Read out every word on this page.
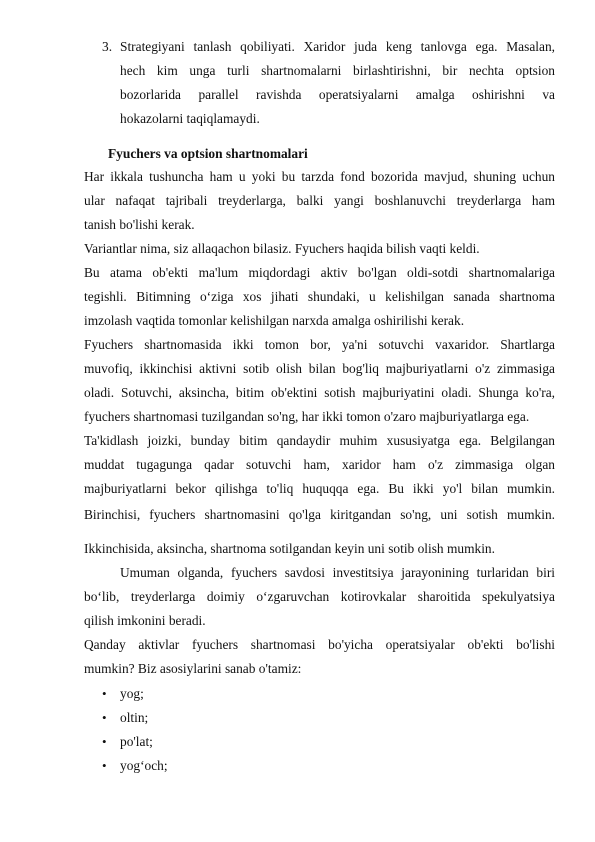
3. Strategiyani tanlash qobiliyati. Xaridor juda keng tanlovga ega. Masalan,
hech kim unga turli shartnomalarni birlashtirishni, bir nechta optsion
bozorlarida parallel ravishda operatsiyalarni amalga oshirishni va
hokazolarni taqiqlamaydi.
Fyuchers va optsion shartnomalari
Har ikkala tushuncha ham u yoki bu tarzda fond bozorida mavjud, shuning uchun
ular nafaqat tajribali treyderlarga, balki yangi boshlanuvchi treyderlarga ham
tanish bo'lishi kerak.
Variantlar nima, siz allaqachon bilasiz. Fyuchers haqida bilish vaqti keldi.
Bu atama ob'ekti ma'lum miqdordagi aktiv bo'lgan oldi-sotdi shartnomalariga
tegishli. Bitimning o‘ziga xos jihati shundaki, u kelishilgan sanada shartnoma
imzolash vaqtida tomonlar kelishilgan narxda amalga oshirilishi kerak.
Fyuchers shartnomasida ikki tomon bor, ya'ni sotuvchi vaxaridor. Shartlarga
muvofiq, ikkinchisi aktivni sotib olish bilan bog'liq majburiyatlarni o'z zimmasiga
oladi. Sotuvchi, aksincha, bitim ob'ektini sotish majburiyatini oladi. Shunga ko'ra,
fyuchers shartnomasi tuzilgandan so'ng, har ikki tomon o'zaro majburiyatlarga ega.
Ta'kidlash joizki, bunday bitim qandaydir muhim xususiyatga ega. Belgilangan
muddat tugagunga qadar sotuvchi ham, xaridor ham o'z zimmasiga olgan
majburiyatlarni bekor qilishga to'liq huquqqa ega. Bu ikki yo'l bilan mumkin.
Birinchisi, fyuchers shartnomasini qo'lga kiritgandan so'ng, uni sotish mumkin.
Ikkinchisida, aksincha, shartnoma sotilgandan keyin uni sotib olish mumkin.
Umuman olganda, fyuchers savdosi investitsiya jarayonining turlaridan biri
bo‘lib, treyderlarga doimiy o‘zgaruvchan kotirovkalar sharoitida spekulyatsiya
qilish imkonini beradi.
Qanday aktivlar fyuchers shartnomasi bo'yicha operatsiyalar ob'ekti bo'lishi
mumkin? Biz asosiylarini sanab o'tamiz:
• yog;
• oltin;
• po'lat;
• yog‘och;
